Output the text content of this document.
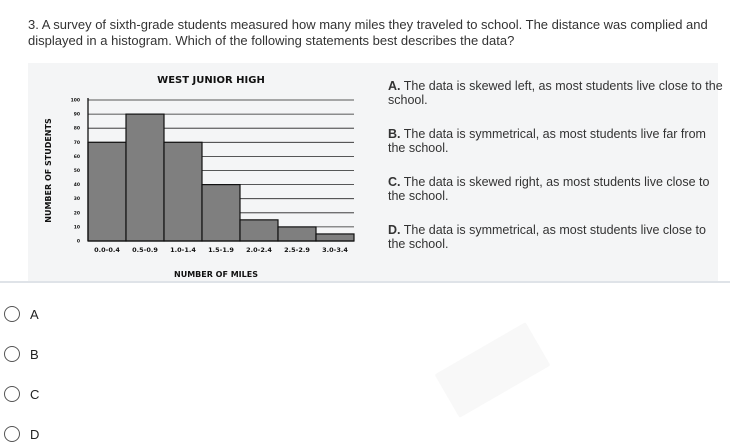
3. A survey of sixth-grade students measured how many miles they traveled to school. The distance was complied and displayed in a histogram. Which of the following statements best describes the data?
0
10
20
30
40
50
60
70
80
90
100
0.0-0.4 0.5-0.9 1.0-1.4 1.5-1.9 2.0-2.4 2.5-2.9 3.0-3.4
WEST JUNIOR HIGH
NUMBER OF MILES
NUMBER OF STUDENTS
A. The data is skewed left, as most students live close to the school.
B. The data is symmetrical, as most students live far from the school.
C. The data is skewed right, as most students live close to the school.
D. The data is symmetrical, as most students live close to the school.
A
B
C
D
